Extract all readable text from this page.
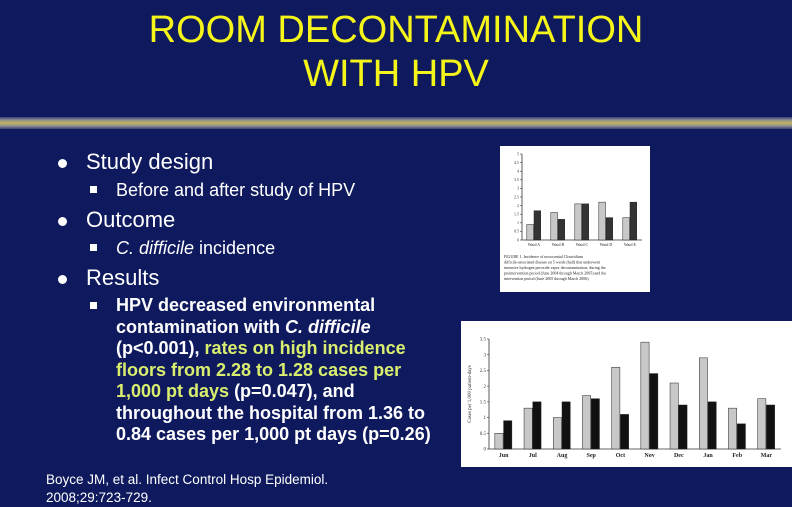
ROOM DECONTAMINATION
WITH HPV
Study design
Before and after study of HPV
Outcome
C. difficile incidence
Results
HPV decreased environmental contamination with C. difficile (p<0.001), rates on high incidence floors from 2.28 to 1.28 cases per 1,000 pt days (p=0.047), and throughout the hospital from 1.36 to 0.84 cases per 1,000 pt days (p=0.26)
Boyce JM, et al. Infect Control Hosp Epidemiol.
2008;29:723-729.
5
4.5
4
3.5
3
2.5
2
1.5
1
0.5
0
Ward A	Ward B	Ward C	Ward D	Ward E
FIGURE 1. Incidence of nosocomial Clostridium
difficile-associated disease on 5 wards (hall) that underwent
intensive hydrogen peroxide vapor decontamination, during the
preintervention period (June 2004 through March 2005) and the
intervention period (June 2005 through March 2006).
3.5
3
2.5
2
1.5
1
0.5
0
Jun	Jul	Aug	Sep	Oct	Nov	Dec	Jan	Feb	Mar
Cases per 1,000 patient-days
